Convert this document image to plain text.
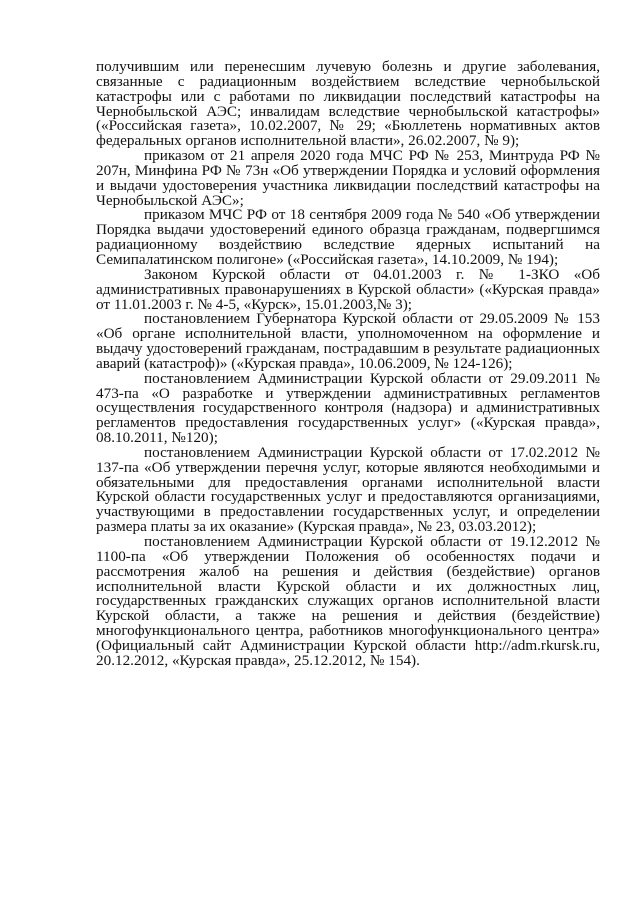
получившим или перенесшим лучевую болезнь и другие заболевания, связанные с радиационным воздействием вследствие чернобыльской катастрофы или с работами по ликвидации последствий катастрофы на Чернобыльской АЭС; инвалидам вследствие чернобыльской катастрофы» («Российская газета», 10.02.2007, № 29; «Бюллетень нормативных актов федеральных органов исполнительной власти», 26.02.2007, № 9);

приказом от 21 апреля 2020 года МЧС РФ № 253, Минтруда РФ № 207н, Минфина РФ № 73н «Об утверждении Порядка и условий оформления и выдачи удостоверения участника ликвидации последствий катастрофы на Чернобыльской АЭС»;

приказом МЧС РФ от 18 сентября 2009 года № 540 «Об утверждении Порядка выдачи удостоверений единого образца гражданам, подвергшимся радиационному воздействию вследствие ядерных испытаний на Семипалатинском полигоне» («Российская газета», 14.10.2009, № 194);

Законом Курской области от 04.01.2003 г. № 1-ЗКО «Об административных правонарушениях в Курской области» («Курская правда» от 11.01.2003 г. № 4-5, «Курск», 15.01.2003,№ 3);

постановлением Губернатора Курской области от 29.05.2009 № 153 «Об органе исполнительной власти, уполномоченном на оформление и выдачу удостоверений гражданам, пострадавшим в результате радиационных аварий (катастроф)» («Курская правда», 10.06.2009, № 124-126);

постановлением Администрации Курской области от 29.09.2011 № 473-па «О разработке и утверждении административных регламентов осуществления государственного контроля (надзора) и административных регламентов предоставления государственных услуг» («Курская правда», 08.10.2011, №120);

постановлением Администрации Курской области от 17.02.2012 № 137-па «Об утверждении перечня услуг, которые являются необходимыми и обязательными для предоставления органами исполнительной власти Курской области государственных услуг и предоставляются организациями, участвующими в предоставлении государственных услуг, и определении размера платы за их оказание» (Курская правда», № 23, 03.03.2012);

постановлением Администрации Курской области от 19.12.2012 № 1100-па «Об утверждении Положения об особенностях подачи и рассмотрения жалоб на решения и действия (бездействие) органов исполнительной власти Курской области и их должностных лиц, государственных гражданских служащих органов исполнительной власти Курской области, а также на решения и действия (бездействие) многофункционального центра, работников многофункционального центра» (Официальный сайт Администрации Курской области http://adm.rkursk.ru, 20.12.2012, «Курская правда», 25.12.2012, № 154).
